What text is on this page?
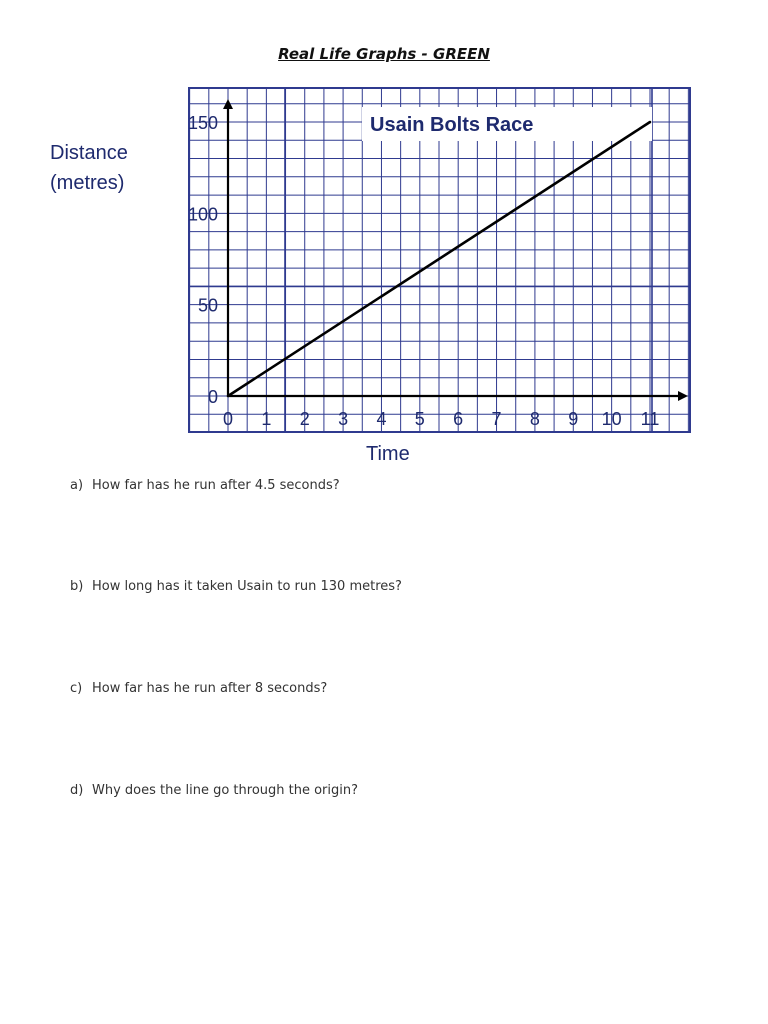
Real Life Graphs - GREEN
Distance
(metres)
Usain Bolts Race
0 1 2 3 4 5 6 7 8 9 10 11
0
50
100
150
Time
a) How far has he run after 4.5 seconds?
b) How long has it taken Usain to run 130 metres?
c) How far has he run after 8 seconds?
d) Why does the line go through the origin?
